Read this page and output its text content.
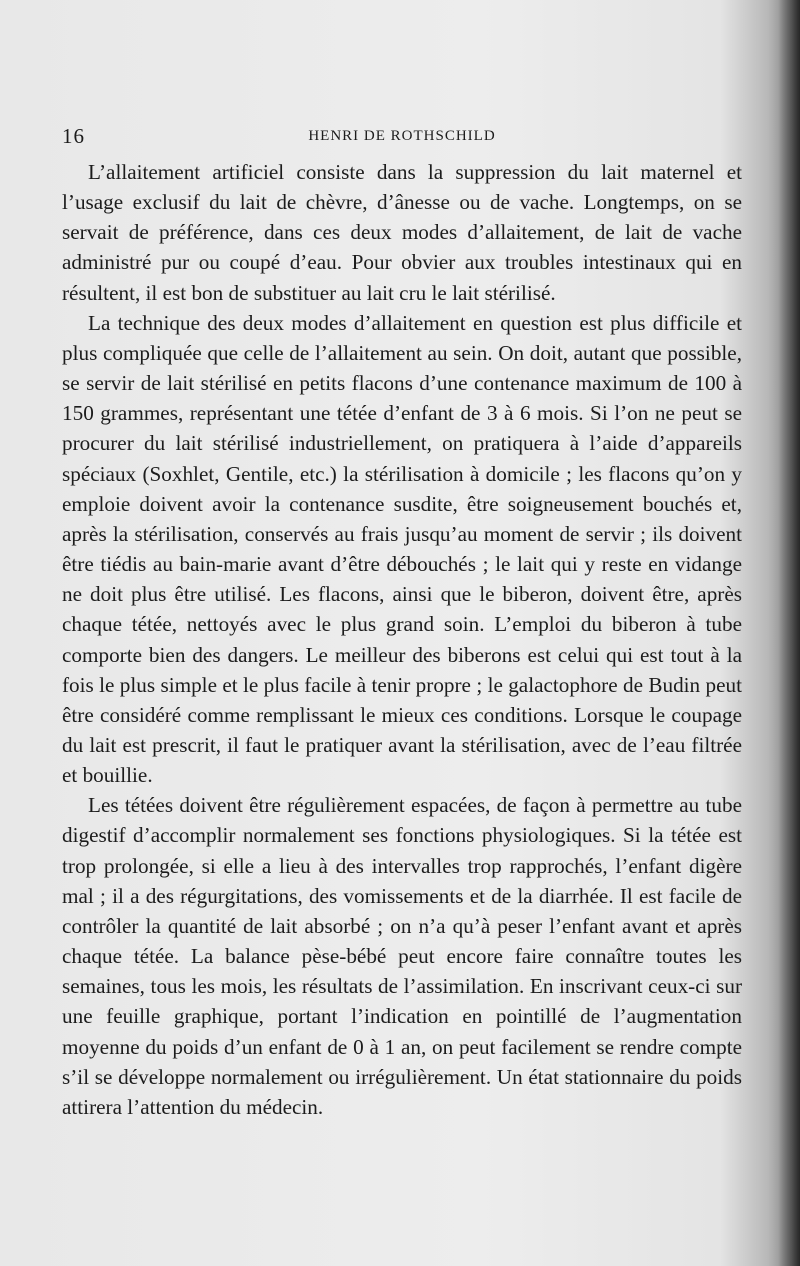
16	HENRI DE ROTHSCHILD

L’allaitement artificiel consiste dans la suppression du lait maternel et l’usage exclusif du lait de chèvre, d’ânesse ou de vache. Longtemps, on se servait de préférence, dans ces deux modes d’allaitement, de lait de vache administré pur ou coupé d’eau. Pour obvier aux troubles intestinaux qui en résultent, il est bon de substituer au lait cru le lait stérilisé.

La technique des deux modes d’allaitement en question est plus difficile et plus compliquée que celle de l’allaitement au sein. On doit, autant que possible, se servir de lait stérilisé en petits flacons d’une contenance maximum de 100 à 150 grammes, représentant une tétée d’enfant de 3 à 6 mois. Si l’on ne peut se procurer du lait stérilisé industriellement, on pratiquera à l’aide d’appareils spéciaux (Soxhlet, Gentile, etc.) la stérilisation à domicile ; les flacons qu’on y emploie doivent avoir la contenance susdite, être soigneusement bouchés et, après la stérilisation, conservés au frais jusqu’au moment de servir ; ils doivent être tiédis au bain-marie avant d’être débouchés ; le lait qui y reste en vidange ne doit plus être utilisé. Les flacons, ainsi que le biberon, doivent être, après chaque tétée, nettoyés avec le plus grand soin. L’emploi du biberon à tube comporte bien des dangers. Le meilleur des biberons est celui qui est tout à la fois le plus simple et le plus facile à tenir propre ; le galactophore de Budin peut être considéré comme remplissant le mieux ces conditions. Lorsque le coupage du lait est prescrit, il faut le pratiquer avant la stérilisation, avec de l’eau filtrée et bouillie.

Les tétées doivent être régulièrement espacées, de façon à permettre au tube digestif d’accomplir normalement ses fonctions physiologiques. Si la tétée est trop prolongée, si elle a lieu à des intervalles trop rapprochés, l’enfant digère mal ; il a des régurgitations, des vomissements et de la diarrhée. Il est facile de contrôler la quantité de lait absorbé ; on n’a qu’à peser l’enfant avant et après chaque tétée. La balance pèse-bébé peut encore faire connaître toutes les semaines, tous les mois, les résultats de l’assimilation. En inscrivant ceux-ci sur une feuille graphique, portant l’indication en pointillé de l’augmentation moyenne du poids d’un enfant de 0 à 1 an, on peut facilement se rendre compte s’il se développe normalement ou irrégulièrement. Un état stationnaire du poids attirera l’attention du médecin.
